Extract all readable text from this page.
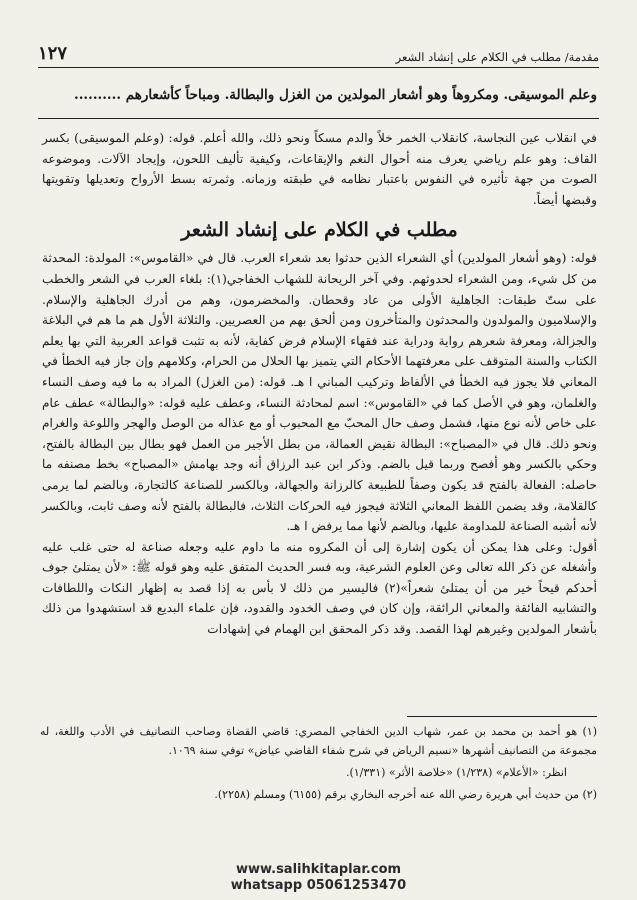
مقدمة/ مطلب في الكلام على إنشاد الشعر
١٢٧
وعلم الموسيقى. ومكروهاً وهو أشعار المولدين من الغزل والبطالة. ومباحاً كأشعارهم ..........

في انقلاب عين النجاسة، كانقلاب الخمر خلاً والدم مسكاً ونحو ذلك، والله أعلم. قوله: (وعلم الموسيقى) بكسر القاف: وهو علم رياضي يعرف منه أحوال النغم والإيقاعات، وكيفية تأليف اللحون، وإيجاد الآلات. وموضوعه الصوت من جهة تأثيره في النفوس باعتبار نظامه في طبقته وزمانه. وثمرته بسط الأرواح وتعديلها وتقويتها وقبضها أيضاً.

مطلب في الكلام على إنشاد الشعر

قوله: (وهو أشعار المولدين) أي الشعراء الذين حدثوا بعد شعراء العرب. قال في «القاموس»: المولدة: المحدثة من كل شيء، ومن الشعراء لحدوثهم. وفي آخر الريحانة للشهاب الخفاجي(١): بلغاء العرب في الشعر والخطب على ستّ طبقات: الجاهلية الأولى من عاد وقحطان. والمخضرمون، وهم من أدرك الجاهلية والإسلام. والإسلاميون والمولدون والمحدثون والمتأخرون ومن ألحق بهم من العصريين. والثلاثة الأول هم ما هم في البلاغة والجزالة، ومعرفة شعرهم رواية ودراية عند فقهاء الإسلام فرض كفاية، لأنه به تثبت قواعد العربية التي بها يعلم الكتاب والسنة المتوقف على معرفتهما الأحكام التي يتميز بها الحلال من الحرام، وكلامهم وإن جاز فيه الخطأ في المعاني فلا يجوز فيه الخطأ في الألفاظ وتركيب المباني ا هـ. قوله: (من الغزل) المراد به ما فيه وصف النساء والغلمان، وهو في الأصل كما في «القاموس»: اسم لمحادثة النساء، وعطف عليه قوله: «والبطالة» عطف عام على خاص لأنه نوع منها، فشمل وصف حال المحبّ مع المحبوب أو مع عذاله من الوصل والهجر واللوعة والغرام ونحو ذلك. قال في «المصباح»: البطالة نقيض العمالة، من بطل الأجير من العمل فهو بطال بين البطالة بالفتح، وحكي بالكسر وهو أفصح وربما قيل بالضم. وذكر ابن عبد الرزاق أنه وجد بهامش «المصباح» بخط مصنفه ما حاصله: الفعالة بالفتح قد يكون وصفاً للطبيعة كالرزانة والجهالة، وبالكسر للصناعة كالتجارة، وبالضم لما يرمى كالقلامة، وقد يضمن اللفظ المعاني الثلاثة فيجوز فيه الحركات الثلاث، فالبطالة بالفتح لأنه وصف ثابت، وبالكسر لأنه أشبه الصناعة للمداومة عليها، وبالضم لأنها مما يرفض ا هـ.

أقول: وعلى هذا يمكن أن يكون إشارة إلى أن المكروه منه ما داوم عليه وجعله صناعة له حتى غلب عليه وأشغله عن ذكر الله تعالى وعن العلوم الشرعية، وبه فسر الحديث المتفق عليه وهو قوله ﷺ: «لأن يمتلئ جوف أحدكم قيحاً خير من أن يمتلئ شعراً»(٢) فاليسير من ذلك لا بأس به إذا قصد به إظهار النكات واللطافات والتشابيه الفائقة والمعاني الرائقة، وإن كان في وصف الخدود والقدود، فإن علماء البديع قد استشهدوا من ذلك بأشعار المولدين وغيرهم لهذا القصد. وقد ذكر المحقق ابن الهمام في إشهادات

(١) هو أحمد بن محمد بن عمر، شهاب الدين الخفاجي المصري: قاضي القضاة وصاحب التصانيف في الأدب واللغة، له مجموعة من التصانيف أشهرها «نسيم الرياض في شرح شفاء القاضي عياض» توفي سنة ١٠٦٩.

انظر: «الأعلام» (١/٢٣٨) «خلاصة الأثر» (١/٣٣١).

(٢) من حديث أبي هريرة رضي الله عنه أخرجه البخاري برقم (٦١٥٥) ومسلم (٢٢٥٨).

www.salihkitaplar.com
whatsapp 05061253470
